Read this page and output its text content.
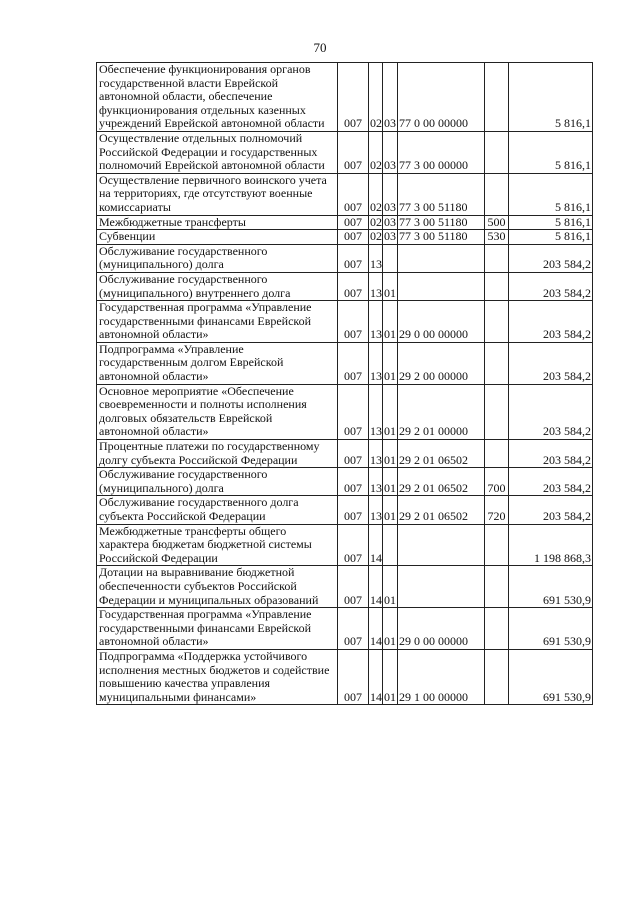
70
Обеспечение функционирования органов государственной власти Еврейской автономной области, обеспечение функционирования отдельных казенных учреждений Еврейской автономной области	007	02	03	77 0 00 00000		5 816,1
Осуществление отдельных полномочий Российской Федерации и государственных полномочий Еврейской автономной области	007	02	03	77 3 00 00000		5 816,1
Осуществление первичного воинского учета на территориях, где отсутствуют военные комиссариаты	007	02	03	77 3 00 51180		5 816,1
Межбюджетные трансферты	007	02	03	77 3 00 51180	500	5 816,1
Субвенции	007	02	03	77 3 00 51180	530	5 816,1
Обслуживание государственного (муниципального) долга	007	13				203 584,2
Обслуживание государственного (муниципального) внутреннего долга	007	13	01			203 584,2
Государственная программа «Управление государственными финансами Еврейской автономной области»	007	13	01	29 0 00 00000		203 584,2
Подпрограмма «Управление государственным долгом Еврейской автономной области»	007	13	01	29 2 00 00000		203 584,2
Основное мероприятие «Обеспечение своевременности и полноты исполнения долговых обязательств Еврейской автономной области»	007	13	01	29 2 01 00000		203 584,2
Процентные платежи по государственному долгу субъекта Российской Федерации	007	13	01	29 2 01 06502		203 584,2
Обслуживание государственного (муниципального) долга	007	13	01	29 2 01 06502	700	203 584,2
Обслуживание государственного долга субъекта Российской Федерации	007	13	01	29 2 01 06502	720	203 584,2
Межбюджетные трансферты общего характера бюджетам бюджетной системы Российской Федерации	007	14				1 198 868,3
Дотации на выравнивание бюджетной обеспеченности субъектов Российской Федерации и муниципальных образований	007	14	01			691 530,9
Государственная программа «Управление государственными финансами Еврейской автономной области»	007	14	01	29 0 00 00000		691 530,9
Подпрограмма «Поддержка устойчивого исполнения местных бюджетов и содействие повышению качества управления муниципальными финансами»	007	14	01	29 1 00 00000		691 530,9
